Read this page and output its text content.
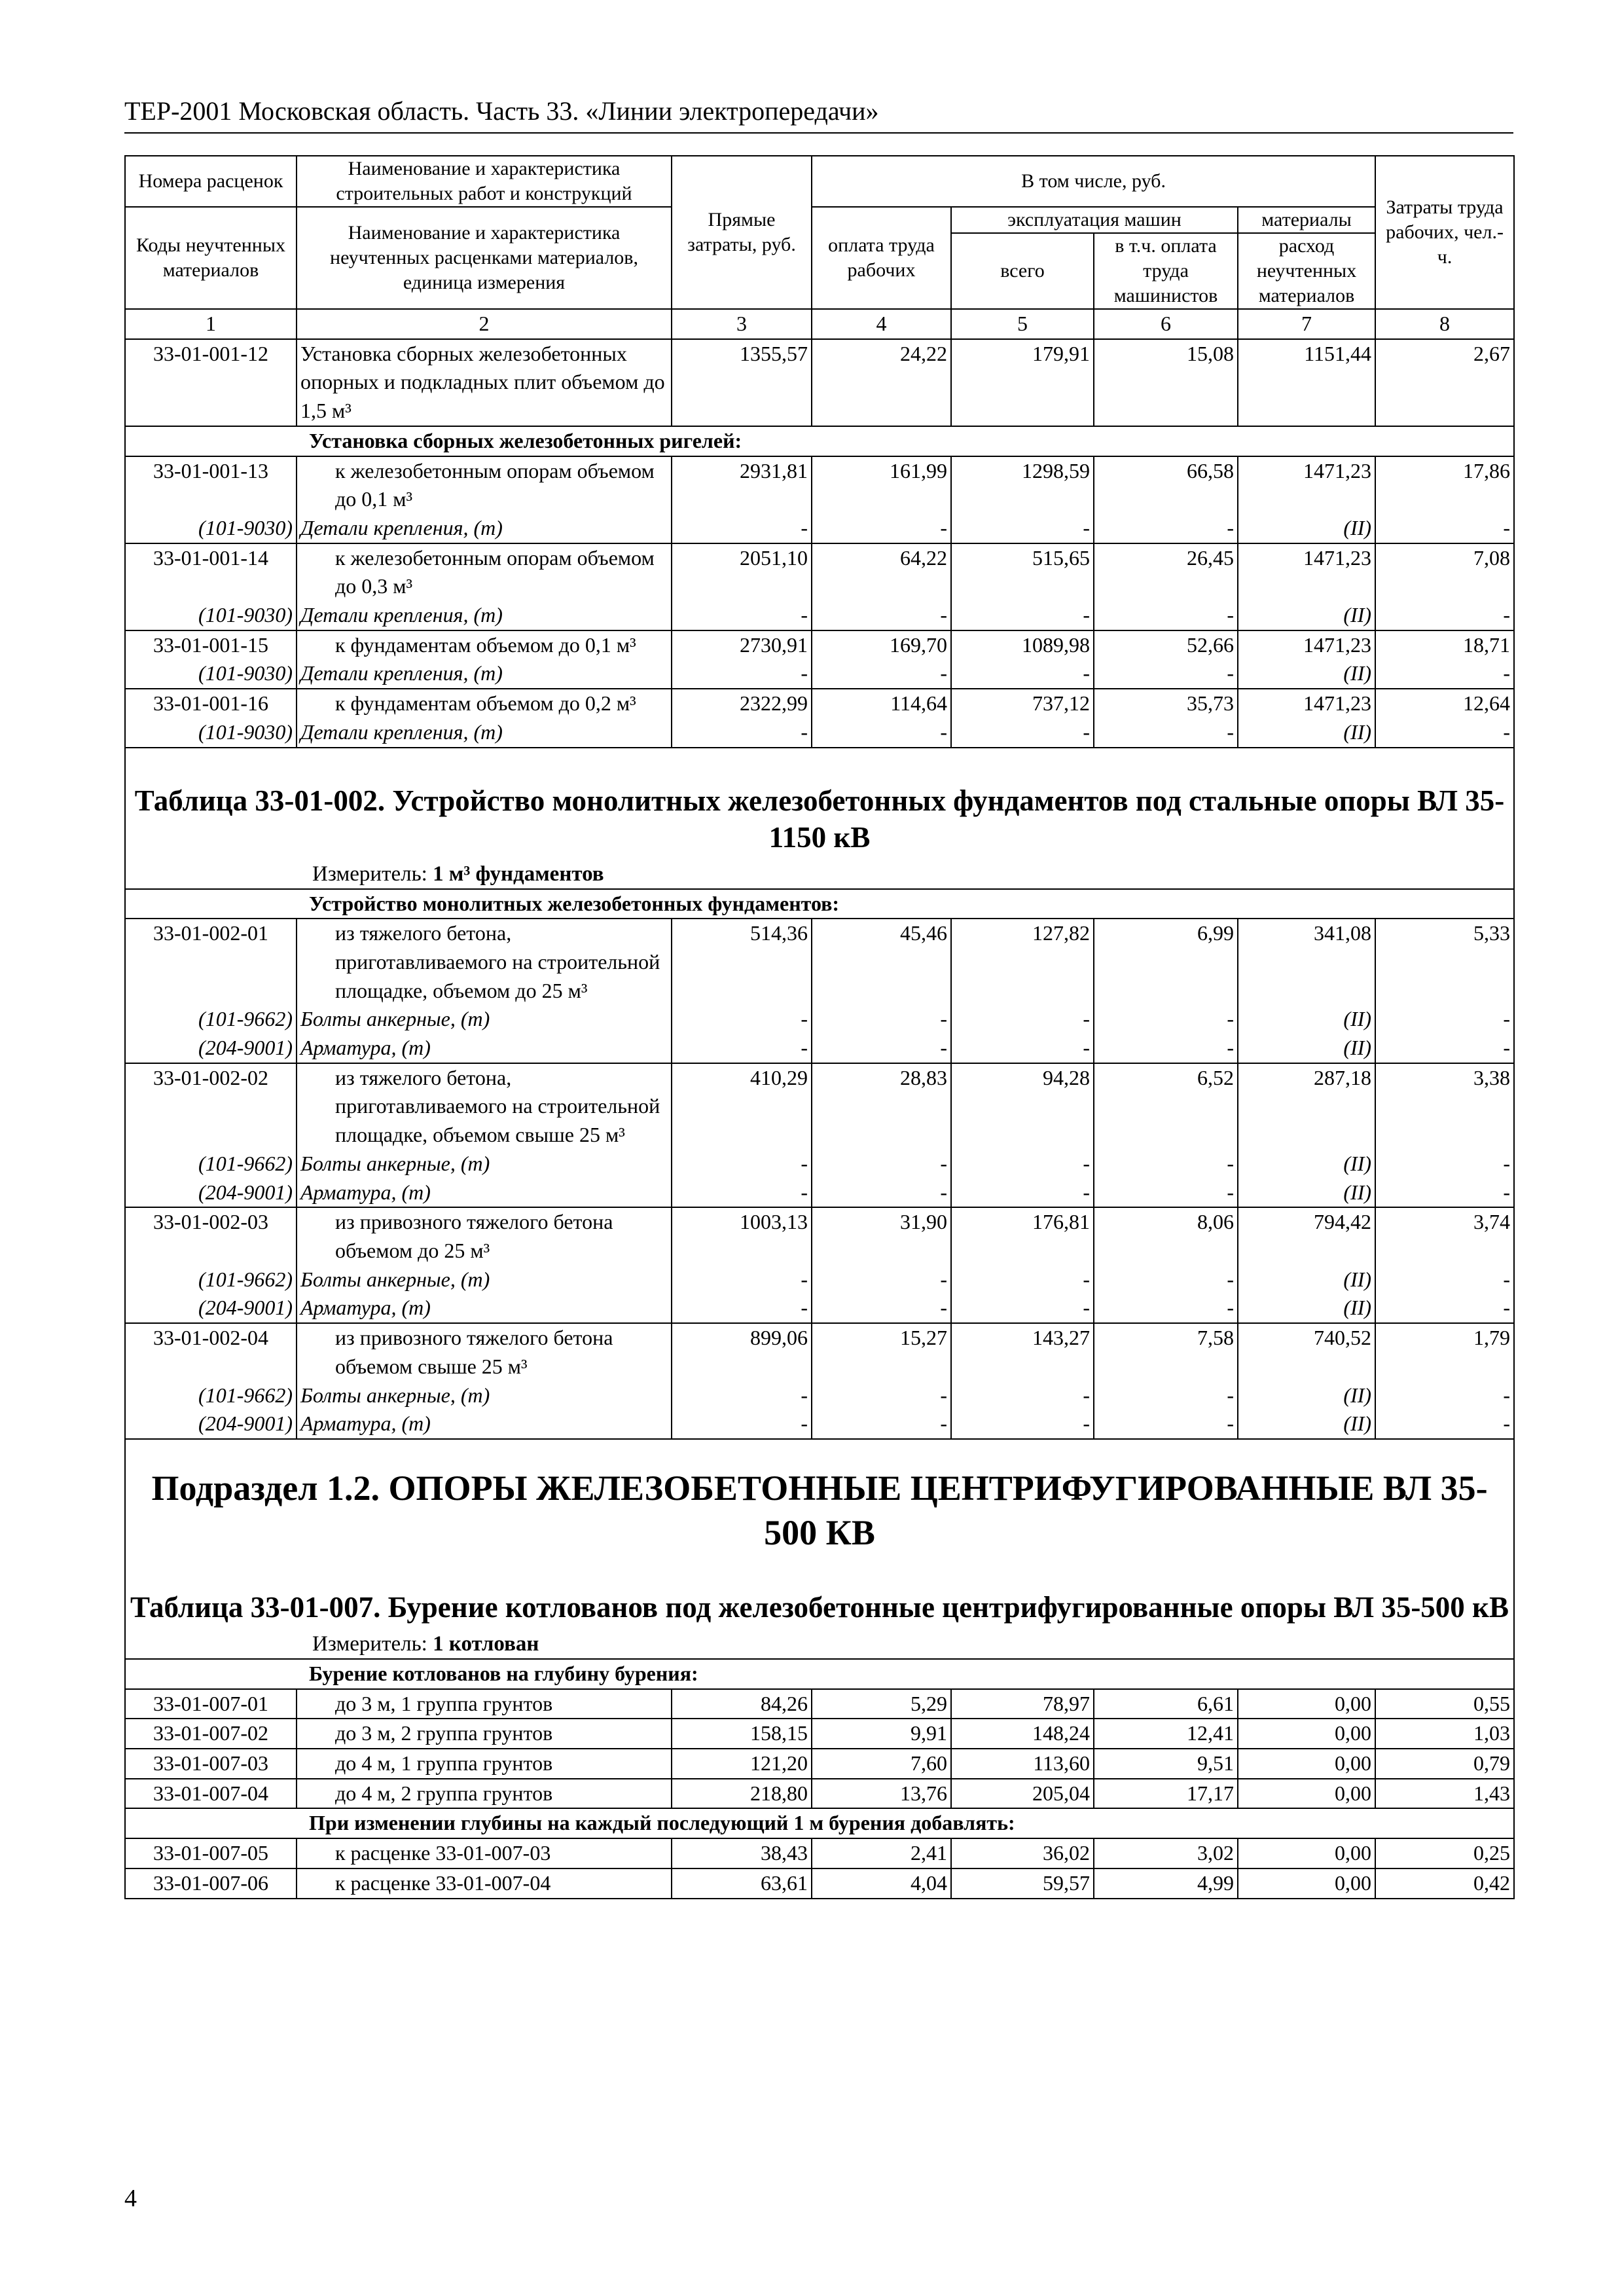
ТЕР-2001 Московская область. Часть 33. «Линии электропередачи»
Номера расценок	Наименование и характеристика строительных работ и конструкций	Прямые затраты, руб.	В том числе, руб.				Затраты труда рабочих, чел.-ч.
Коды неучтенных материалов	Наименование и характеристика неучтенных расценками материалов, единица измерения		оплата труда рабочих	эксплуатация машин		материалы	
				всего	в т.ч. оплата труда машинистов	расход неучтенных материалов	
1	2	3	4	5	6	7	8
33-01-001-12	Установка сборных железобетонных опорных и подкладных плит объемом до 1,5 м³	1355,57	24,22	179,91	15,08	1151,44	2,67
Установка сборных железобетонных ригелей:							
33-01-001-13	к железобетонным опорам объемом до 0,1 м³	2931,81	161,99	1298,59	66,58	1471,23	17,86
(101-9030)	Детали крепления, (т)	-	-	-	-	(II)	-
33-01-001-14	к железобетонным опорам объемом до 0,3 м³	2051,10	64,22	515,65	26,45	1471,23	7,08
(101-9030)	Детали крепления, (т)	-	-	-	-	(II)	-
33-01-001-15	к фундаментам объемом до 0,1 м³	2730,91	169,70	1089,98	52,66	1471,23	18,71
(101-9030)	Детали крепления, (т)	-	-	-	-	(II)	-
33-01-001-16	к фундаментам объемом до 0,2 м³	2322,99	114,64	737,12	35,73	1471,23	12,64
(101-9030)	Детали крепления, (т)	-	-	-	-	(II)	-

Таблица 33-01-002. Устройство монолитных железобетонных фундаментов под стальные опоры ВЛ 35-1150 кВ							
Измеритель: 1 м³ фундаментов							
Устройство монолитных железобетонных фундаментов:							
33-01-002-01	из тяжелого бетона, приготавливаемого на строительной площадке, объемом до 25 м³	514,36	45,46	127,82	6,99	341,08	5,33
(101-9662)	Болты анкерные, (т)	-	-	-	-	(II)	-
(204-9001)	Арматура, (т)	-	-	-	-	(II)	-
33-01-002-02	из тяжелого бетона, приготавливаемого на строительной площадке, объемом свыше 25 м³	410,29	28,83	94,28	6,52	287,18	3,38
(101-9662)	Болты анкерные, (т)	-	-	-	-	(II)	-
(204-9001)	Арматура, (т)	-	-	-	-	(II)	-
33-01-002-03	из привозного тяжелого бетона объемом до 25 м³	1003,13	31,90	176,81	8,06	794,42	3,74
(101-9662)	Болты анкерные, (т)	-	-	-	-	(II)	-
(204-9001)	Арматура, (т)	-	-	-	-	(II)	-
33-01-002-04	из привозного тяжелого бетона объемом свыше 25 м³	899,06	15,27	143,27	7,58	740,52	1,79
(101-9662)	Болты анкерные, (т)	-	-	-	-	(II)	-
(204-9001)	Арматура, (т)	-	-	-	-	(II)	-

Подраздел 1.2. ОПОРЫ ЖЕЛЕЗОБЕТОННЫЕ ЦЕНТРИФУГИРОВАННЫЕ ВЛ 35-500 КВ							
Таблица 33-01-007. Бурение котлованов под железобетонные центрифугированные опоры ВЛ 35-500 кВ							
Измеритель: 1 котлован							
Бурение котлованов на глубину бурения:							
33-01-007-01	до 3 м, 1 группа грунтов	84,26	5,29	78,97	6,61	0,00	0,55
33-01-007-02	до 3 м, 2 группа грунтов	158,15	9,91	148,24	12,41	0,00	1,03
33-01-007-03	до 4 м, 1 группа грунтов	121,20	7,60	113,60	9,51	0,00	0,79
33-01-007-04	до 4 м, 2 группа грунтов	218,80	13,76	205,04	17,17	0,00	1,43
При изменении глубины на каждый последующий 1 м бурения добавлять:							
33-01-007-05	к расценке 33-01-007-03	38,43	2,41	36,02	3,02	0,00	0,25
33-01-007-06	к расценке 33-01-007-04	63,61	4,04	59,57	4,99	0,00	0,42
4
